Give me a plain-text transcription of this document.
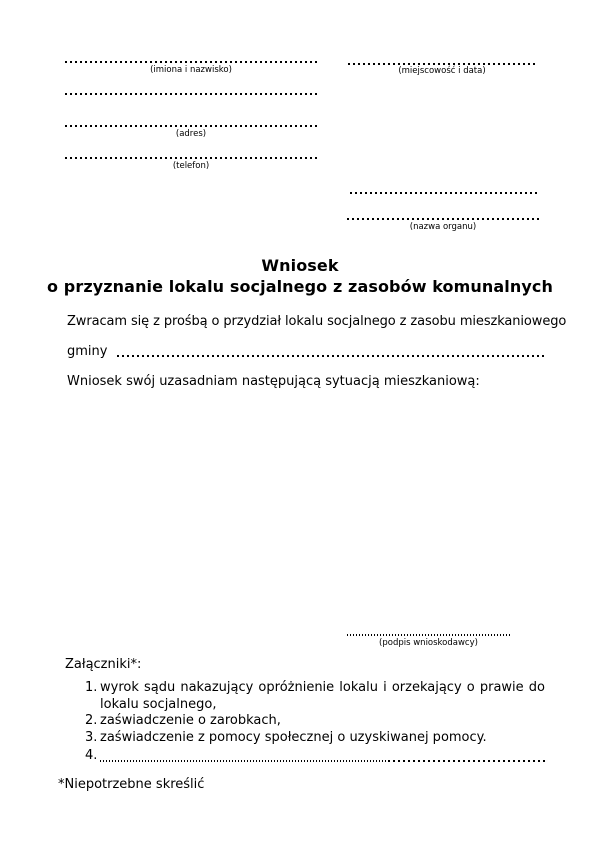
(imiona i nazwisko)
(adres)
(telefon)
(miejscowość i data)
(nazwa organu)
Wniosek
o przyznanie lokalu socjalnego z zasobów komunalnych
Zwracam się z prośbą o przydział lokalu socjalnego z zasobu mieszkaniowego
gminy
Wniosek swój uzasadniam następującą sytuacją mieszkaniową:
(podpis wnioskodawcy)
Załączniki*:
1. wyrok sądu nakazujący opróżnienie lokalu i orzekający o prawie do lokalu socjalnego,
2. zaświadczenie o zarobkach,
3. zaświadczenie z pomocy społecznej o uzyskiwanej pomocy.
4.
*Niepotrzebne skreślić
